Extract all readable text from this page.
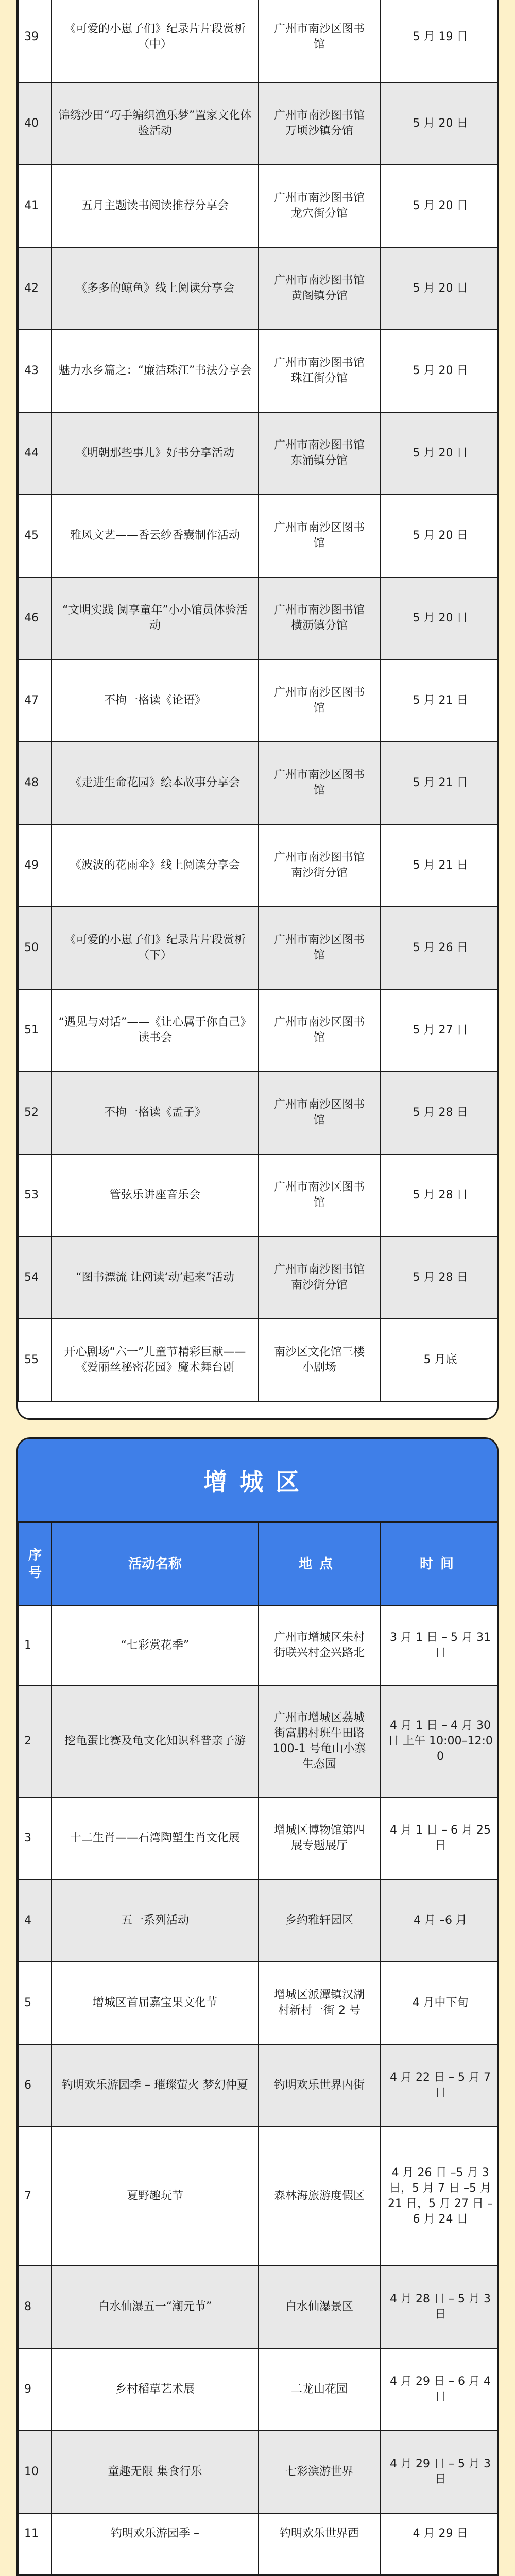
39	《可爱的小崽子们》纪录片片段赏析（中）	广州市南沙区图书馆	5 月 19 日
40	锦绣沙田“巧手编织渔乐梦”置家文化体验活动	广州市南沙图书馆万顷沙镇分馆	5 月 20 日
41	五月主题读书阅读推荐分享会	广州市南沙图书馆龙穴街分馆	5 月 20 日
42	《多多的鲸鱼》线上阅读分享会	广州市南沙图书馆黄阁镇分馆	5 月 20 日
43	魅力水乡篇之：“廉洁珠江”书法分享会	广州市南沙图书馆珠江街分馆	5 月 20 日
44	《明朝那些事儿》好书分享活动	广州市南沙图书馆东涌镇分馆	5 月 20 日
45	雅风文艺——香云纱香囊制作活动	广州市南沙区图书馆	5 月 20 日
46	“文明实践 阅享童年”小小馆员体验活动	广州市南沙图书馆横沥镇分馆	5 月 20 日
47	不拘一格读《论语》	广州市南沙区图书馆	5 月 21 日
48	《走进生命花园》绘本故事分享会	广州市南沙区图书馆	5 月 21 日
49	《波波的花雨伞》线上阅读分享会	广州市南沙图书馆南沙街分馆	5 月 21 日
50	《可爱的小崽子们》纪录片片段赏析（下）	广州市南沙区图书馆	5 月 26 日
51	“遇见与对话”——《让心属于你自己》读书会	广州市南沙区图书馆	5 月 27 日
52	不拘一格读《孟子》	广州市南沙区图书馆	5 月 28 日
53	管弦乐讲座音乐会	广州市南沙区图书馆	5 月 28 日
54	“图书漂流 让阅读‘动’起来”活动	广州市南沙图书馆南沙街分馆	5 月 28 日
55	开心剧场“六一”儿童节精彩巨献——《爱丽丝秘密花园》魔术舞台剧	南沙区文化馆三楼小剧场	5 月底
增城区
序号	活动名称	地点	时间
1	“七彩赏花季”	广州市增城区朱村街联兴村金兴路北	3 月 1 日 – 5 月 31 日
2	挖龟蛋比赛及龟文化知识科普亲子游	广州市增城区荔城街富鹏村班牛田路 100-1 号龟山小寨生态园	4 月 1 日 – 4 月 30 日 上午 10:00–12:00
3	十二生肖——石湾陶塑生肖文化展	增城区博物馆第四展专题展厅	4 月 1 日 – 6 月 25 日
4	五一系列活动	乡约雅轩园区	4 月 –6 月
5	增城区首届嘉宝果文化节	增城区派潭镇汉湖村新村一街 2 号	4 月中下旬
6	钓明欢乐游园季 – 璀璨萤火 梦幻仲夏	钓明欢乐世界内街	4 月 22 日 – 5 月 7 日
7	夏野趣玩节	森林海旅游度假区	4 月 26 日 –5 月 3 日，5 月 7 日 –5 月 21 日，5 月 27 日 –6 月 24 日
8	白水仙瀑五一“潮元节”	白水仙瀑景区	4 月 28 日 – 5 月 3 日
9	乡村稻草艺术展	二龙山花园	4 月 29 日 – 6 月 4 日
10	童趣无限 集食行乐	七彩滨游世界	4 月 29 日 – 5 月 3 日
11	钓明欢乐游园季 –	钓明欢乐世界西	4 月 29 日
